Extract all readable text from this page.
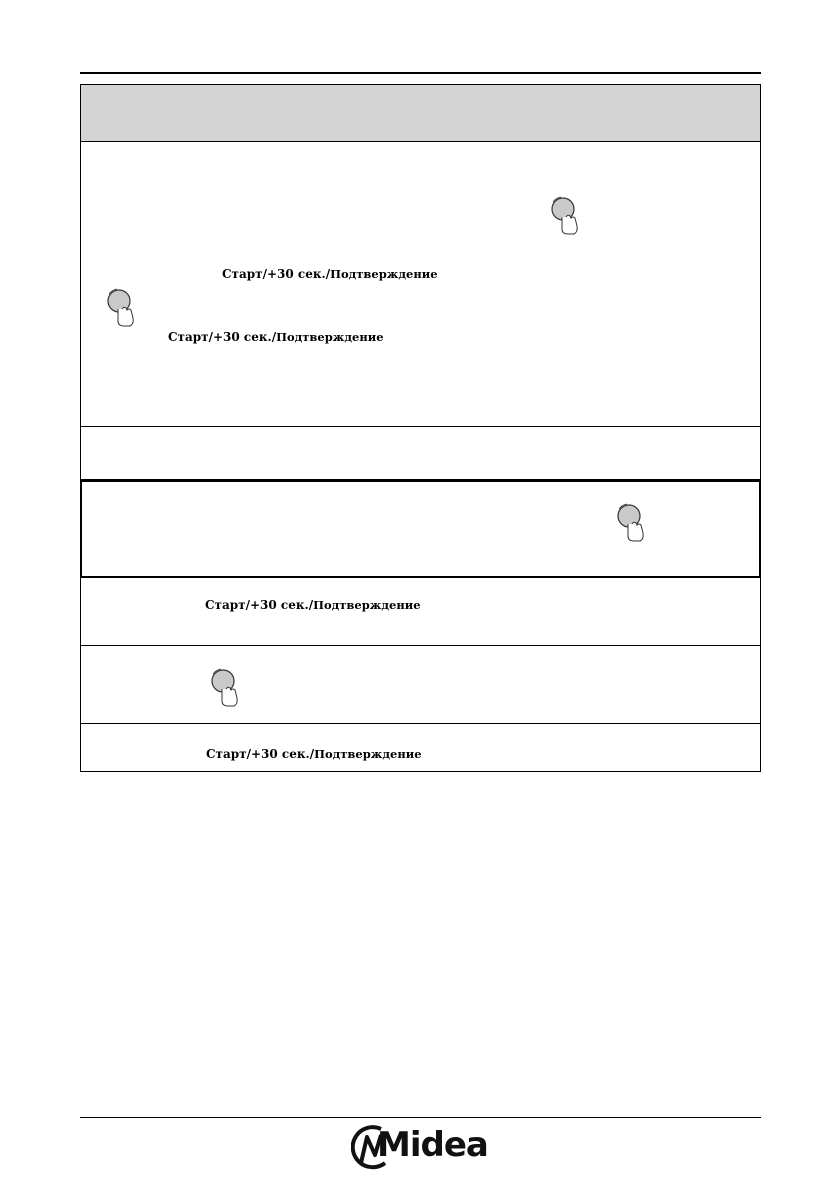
Старт/+30 сек./Подтверждение
Старт/+30 сек./Подтверждение
Старт/+30 сек./Подтверждение
Старт/+30 сек./Подтверждение
Midea
